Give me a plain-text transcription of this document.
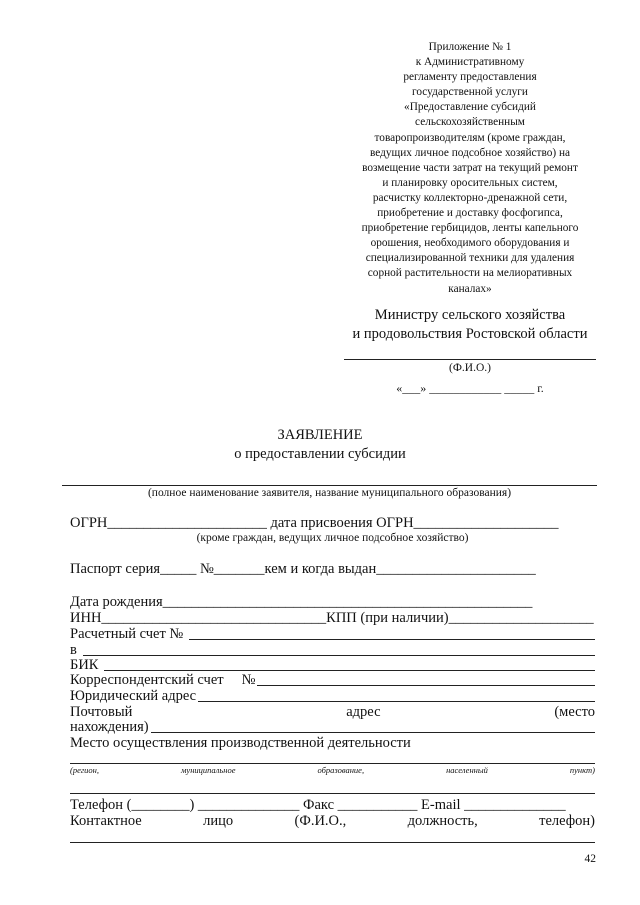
Приложение № 1
к Административному
регламенту предоставления
государственной услуги
«Предоставление субсидий
сельскохозяйственным
товаропроизводителям (кроме граждан,
ведущих личное подсобное хозяйство) на
возмещение части затрат на текущий ремонт
и планировку оросительных систем,
расчистку коллекторно-дренажной сети,
приобретение и доставку фосфогипса,
приобретение гербицидов, ленты капельного
орошения, необходимого оборудования и
специализированной техники для удаления
сорной растительности на мелиоративных
каналах»
Министру сельского хозяйства
и продовольствия Ростовской области
(Ф.И.О.)
«___» ____________ _____ г.
ЗАЯВЛЕНИЕ
о предоставлении субсидии
(полное наименование заявителя, название муниципального образования)
ОГРН______________________ дата присвоения ОГРН____________________
(кроме граждан, ведущих личное подсобное хозяйство)
Паспорт серия_____ №_______кем и когда выдан______________________
Дата рождения___________________________________________________
ИНН_______________________________КПП (при наличии)____________________
Расчетный счет №
в
БИК
Корреспондентский счет №
Юридический адрес
Почтовый	адрес	(место
нахождения)
Место осуществления производственной деятельности
(регион,	муниципальное	образование,	населенный	пункт)
Телефон (________) ______________ Факс ___________ E-mail ______________
Контактное	лицо	(Ф.И.О.,	должность,	телефон)
42
